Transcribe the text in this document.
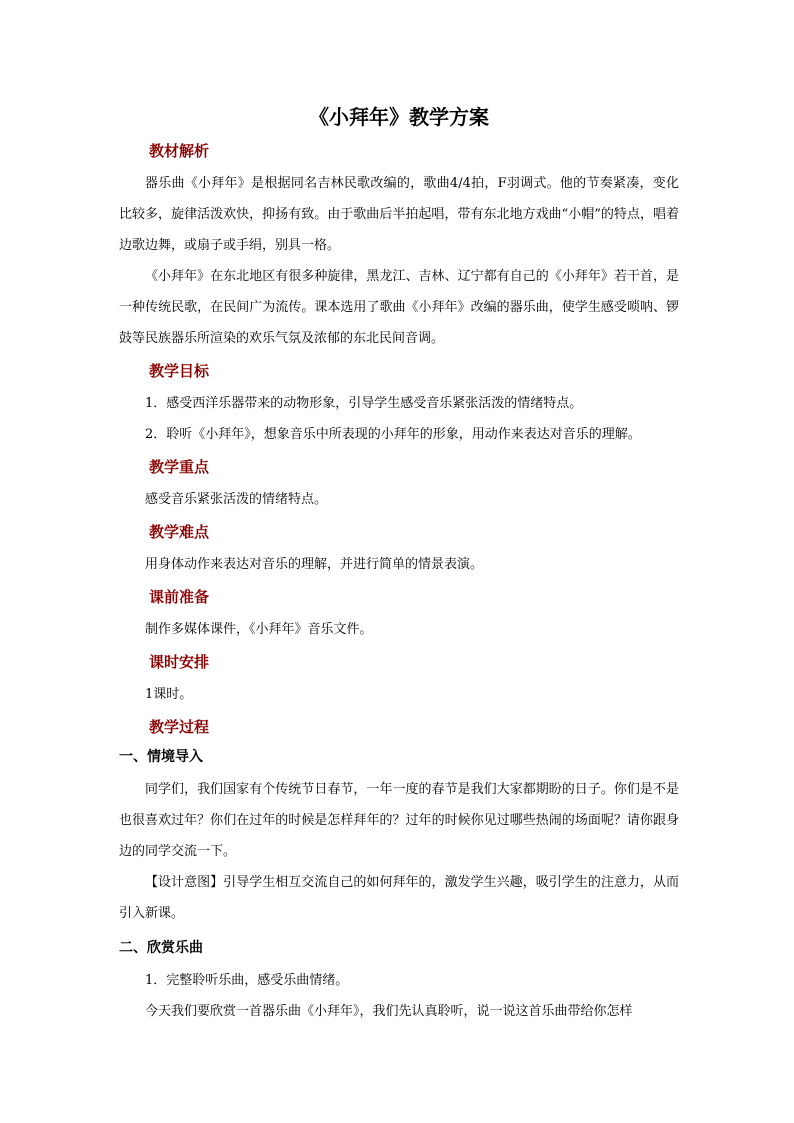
《小拜年》教学方案
教材解析

器乐曲《小拜年》是根据同名吉林民歌改编的，歌曲4/4拍，F羽调式。他的节奏紧凑，变化比较多，旋律活泼欢快，抑扬有致。由于歌曲后半拍起唱，带有东北地方戏曲“小帽”的特点，唱着边歌边舞，或扇子或手绢，别具一格。

《小拜年》在东北地区有很多种旋律，黑龙江、吉林、辽宁都有自己的《小拜年》若干首，是一种传统民歌，在民间广为流传。课本选用了歌曲《小拜年》改编的器乐曲，使学生感受唢呐、锣鼓等民族器乐所渲染的欢乐气氛及浓郁的东北民间音调。

教学目标

1．感受西洋乐器带来的动物形象，引导学生感受音乐紧张活泼的情绪特点。

2．聆听《小拜年》，想象音乐中所表现的小拜年的形象，用动作来表达对音乐的理解。

教学重点

感受音乐紧张活泼的情绪特点。

教学难点

用身体动作来表达对音乐的理解，并进行简单的情景表演。

课前准备

制作多媒体课件，《小拜年》音乐文件。

课时安排

1课时。

教学过程
一、情境导入

同学们，我们国家有个传统节日春节，一年一度的春节是我们大家都期盼的日子。你们是不是也很喜欢过年？你们在过年的时候是怎样拜年的？过年的时候你见过哪些热闹的场面呢？请你跟身边的同学交流一下。

【设计意图】引导学生相互交流自己的如何拜年的，激发学生兴趣，吸引学生的注意力，从而引入新课。

二、欣赏乐曲

1．完整聆听乐曲，感受乐曲情绪。

今天我们要欣赏一首器乐曲《小拜年》，我们先认真聆听，说一说这首乐曲带给你怎样
